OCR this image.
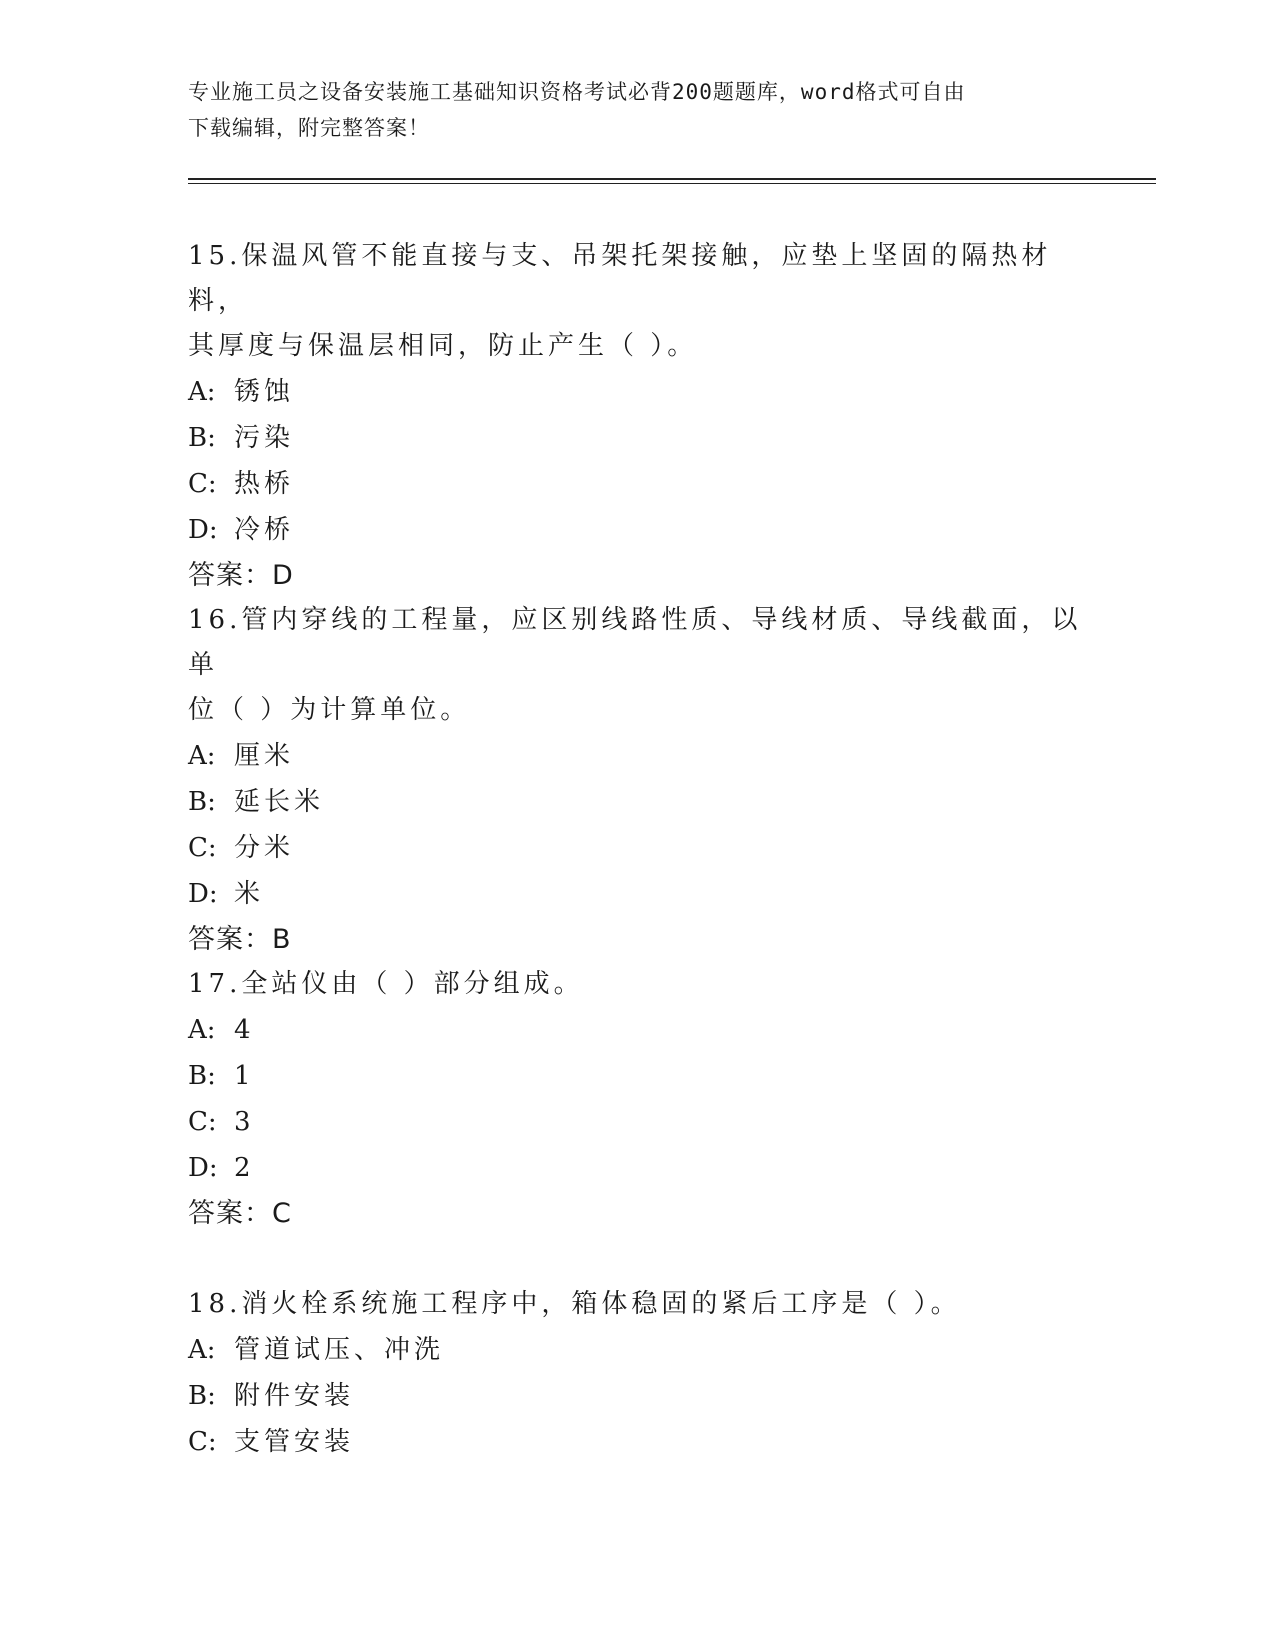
专业施工员之设备安装施工基础知识资格考试必背200题题库，word格式可自由
下载编辑，附完整答案！
15.保温风管不能直接与支、吊架托架接触，应垫上坚固的隔热材料，
其厚度与保温层相同，防止产生（ ）。
A: 锈蚀
B: 污染
C: 热桥
D: 冷桥
答案：D
16.管内穿线的工程量，应区别线路性质、导线材质、导线截面，以单
位（ ）为计算单位。
A: 厘米
B: 延长米
C: 分米
D: 米
答案：B
17.全站仪由（ ）部分组成。
A: 4
B: 1
C: 3
D: 2
答案：C
18.消火栓系统施工程序中，箱体稳固的紧后工序是（ ）。
A: 管道试压、冲洗
B: 附件安装
C: 支管安装
